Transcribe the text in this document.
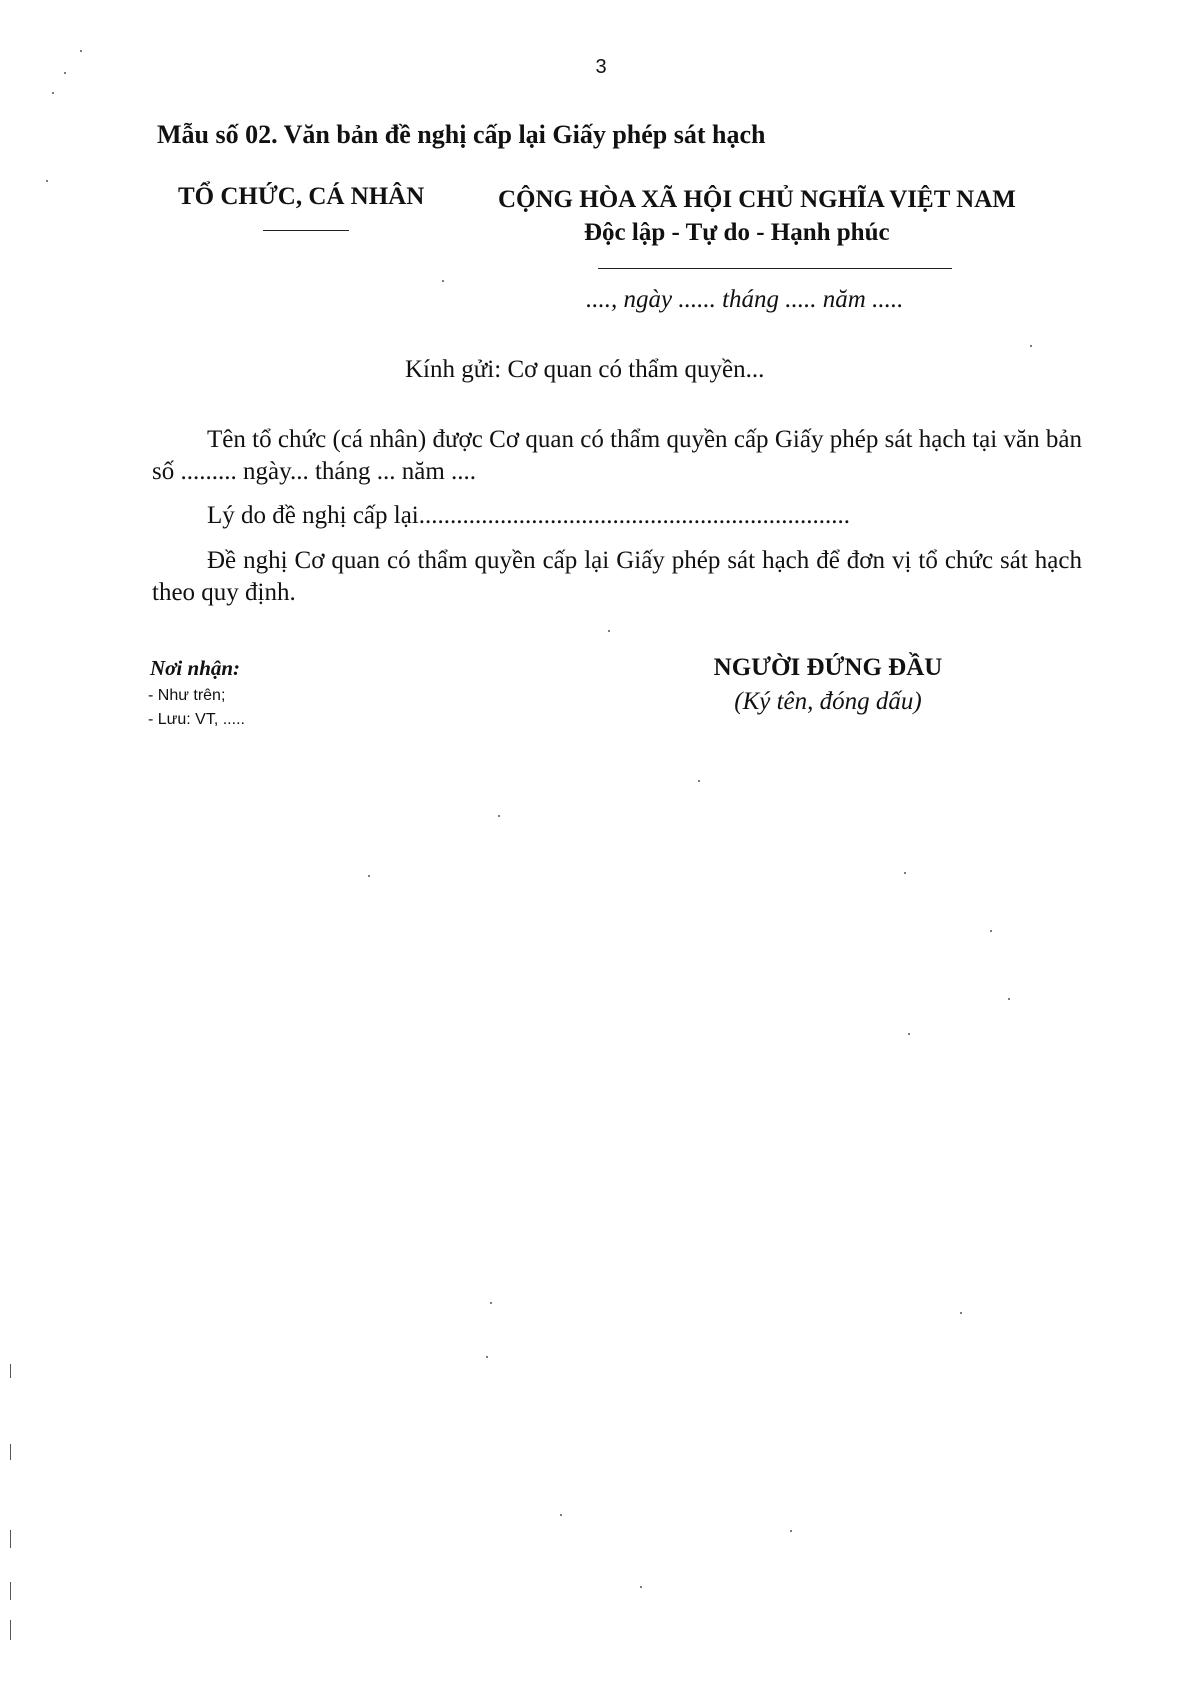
3
Mẫu số 02. Văn bản đề nghị cấp lại Giấy phép sát hạch
TỔ CHỨC, CÁ NHÂN	CỘNG HÒA XÃ HỘI CHỦ NGHĨA VIỆT NAM
Độc lập - Tự do - Hạnh phúc
...., ngày ...... tháng ..... năm .....
Kính gửi: Cơ quan có thẩm quyền...
Tên tổ chức (cá nhân) được Cơ quan có thẩm quyền cấp Giấy phép sát hạch tại văn bản số ......... ngày... tháng ... năm ....
Lý do đề nghị cấp lại.....................................................................
Đề nghị Cơ quan có thẩm quyền cấp lại Giấy phép sát hạch để đơn vị tổ chức sát hạch theo quy định.
Nơi nhận:
- Như trên;
- Lưu: VT, .....
NGƯỜI ĐỨNG ĐẦU
(Ký tên, đóng dấu)
